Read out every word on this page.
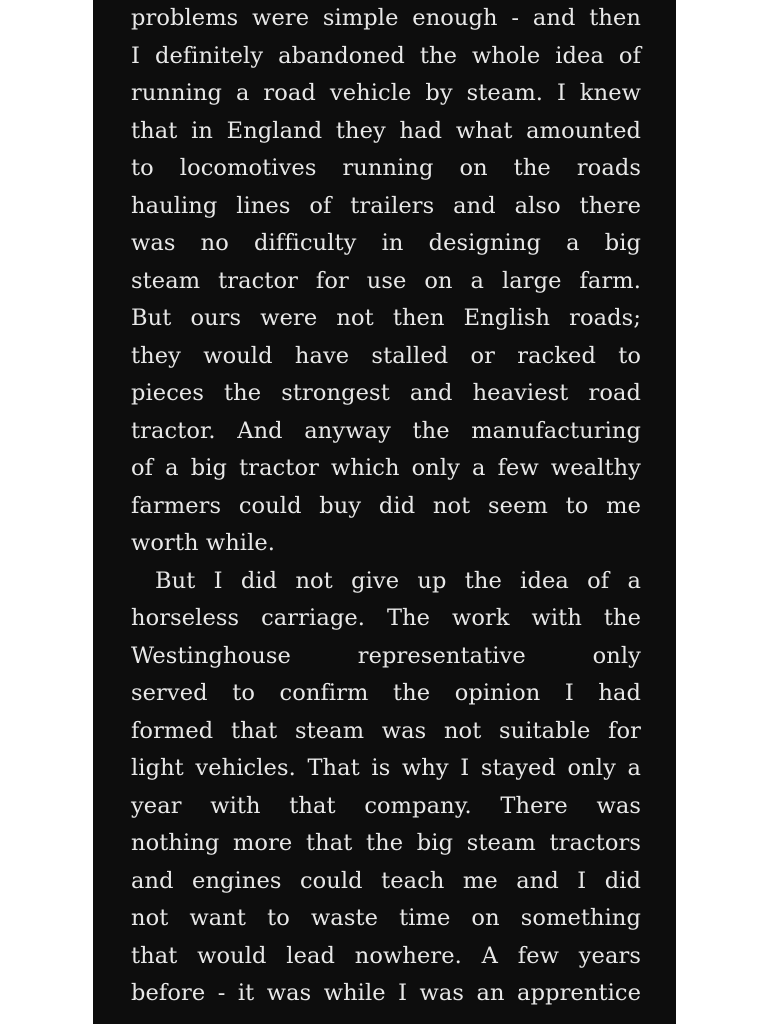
problems were simple enough - and then
I definitely abandoned the whole idea of
running a road vehicle by steam. I knew
that in England they had what amounted
to locomotives running on the roads
hauling lines of trailers and also there
was no difficulty in designing a big
steam tractor for use on a large farm.
But ours were not then English roads;
they would have stalled or racked to
pieces the strongest and heaviest road
tractor. And anyway the manufacturing
of a big tractor which only a few wealthy
farmers could buy did not seem to me
worth while.
But I did not give up the idea of a
horseless carriage. The work with the
Westinghouse representative only
served to confirm the opinion I had
formed that steam was not suitable for
light vehicles. That is why I stayed only a
year with that company. There was
nothing more that the big steam tractors
and engines could teach me and I did
not want to waste time on something
that would lead nowhere. A few years
before - it was while I was an apprentice
